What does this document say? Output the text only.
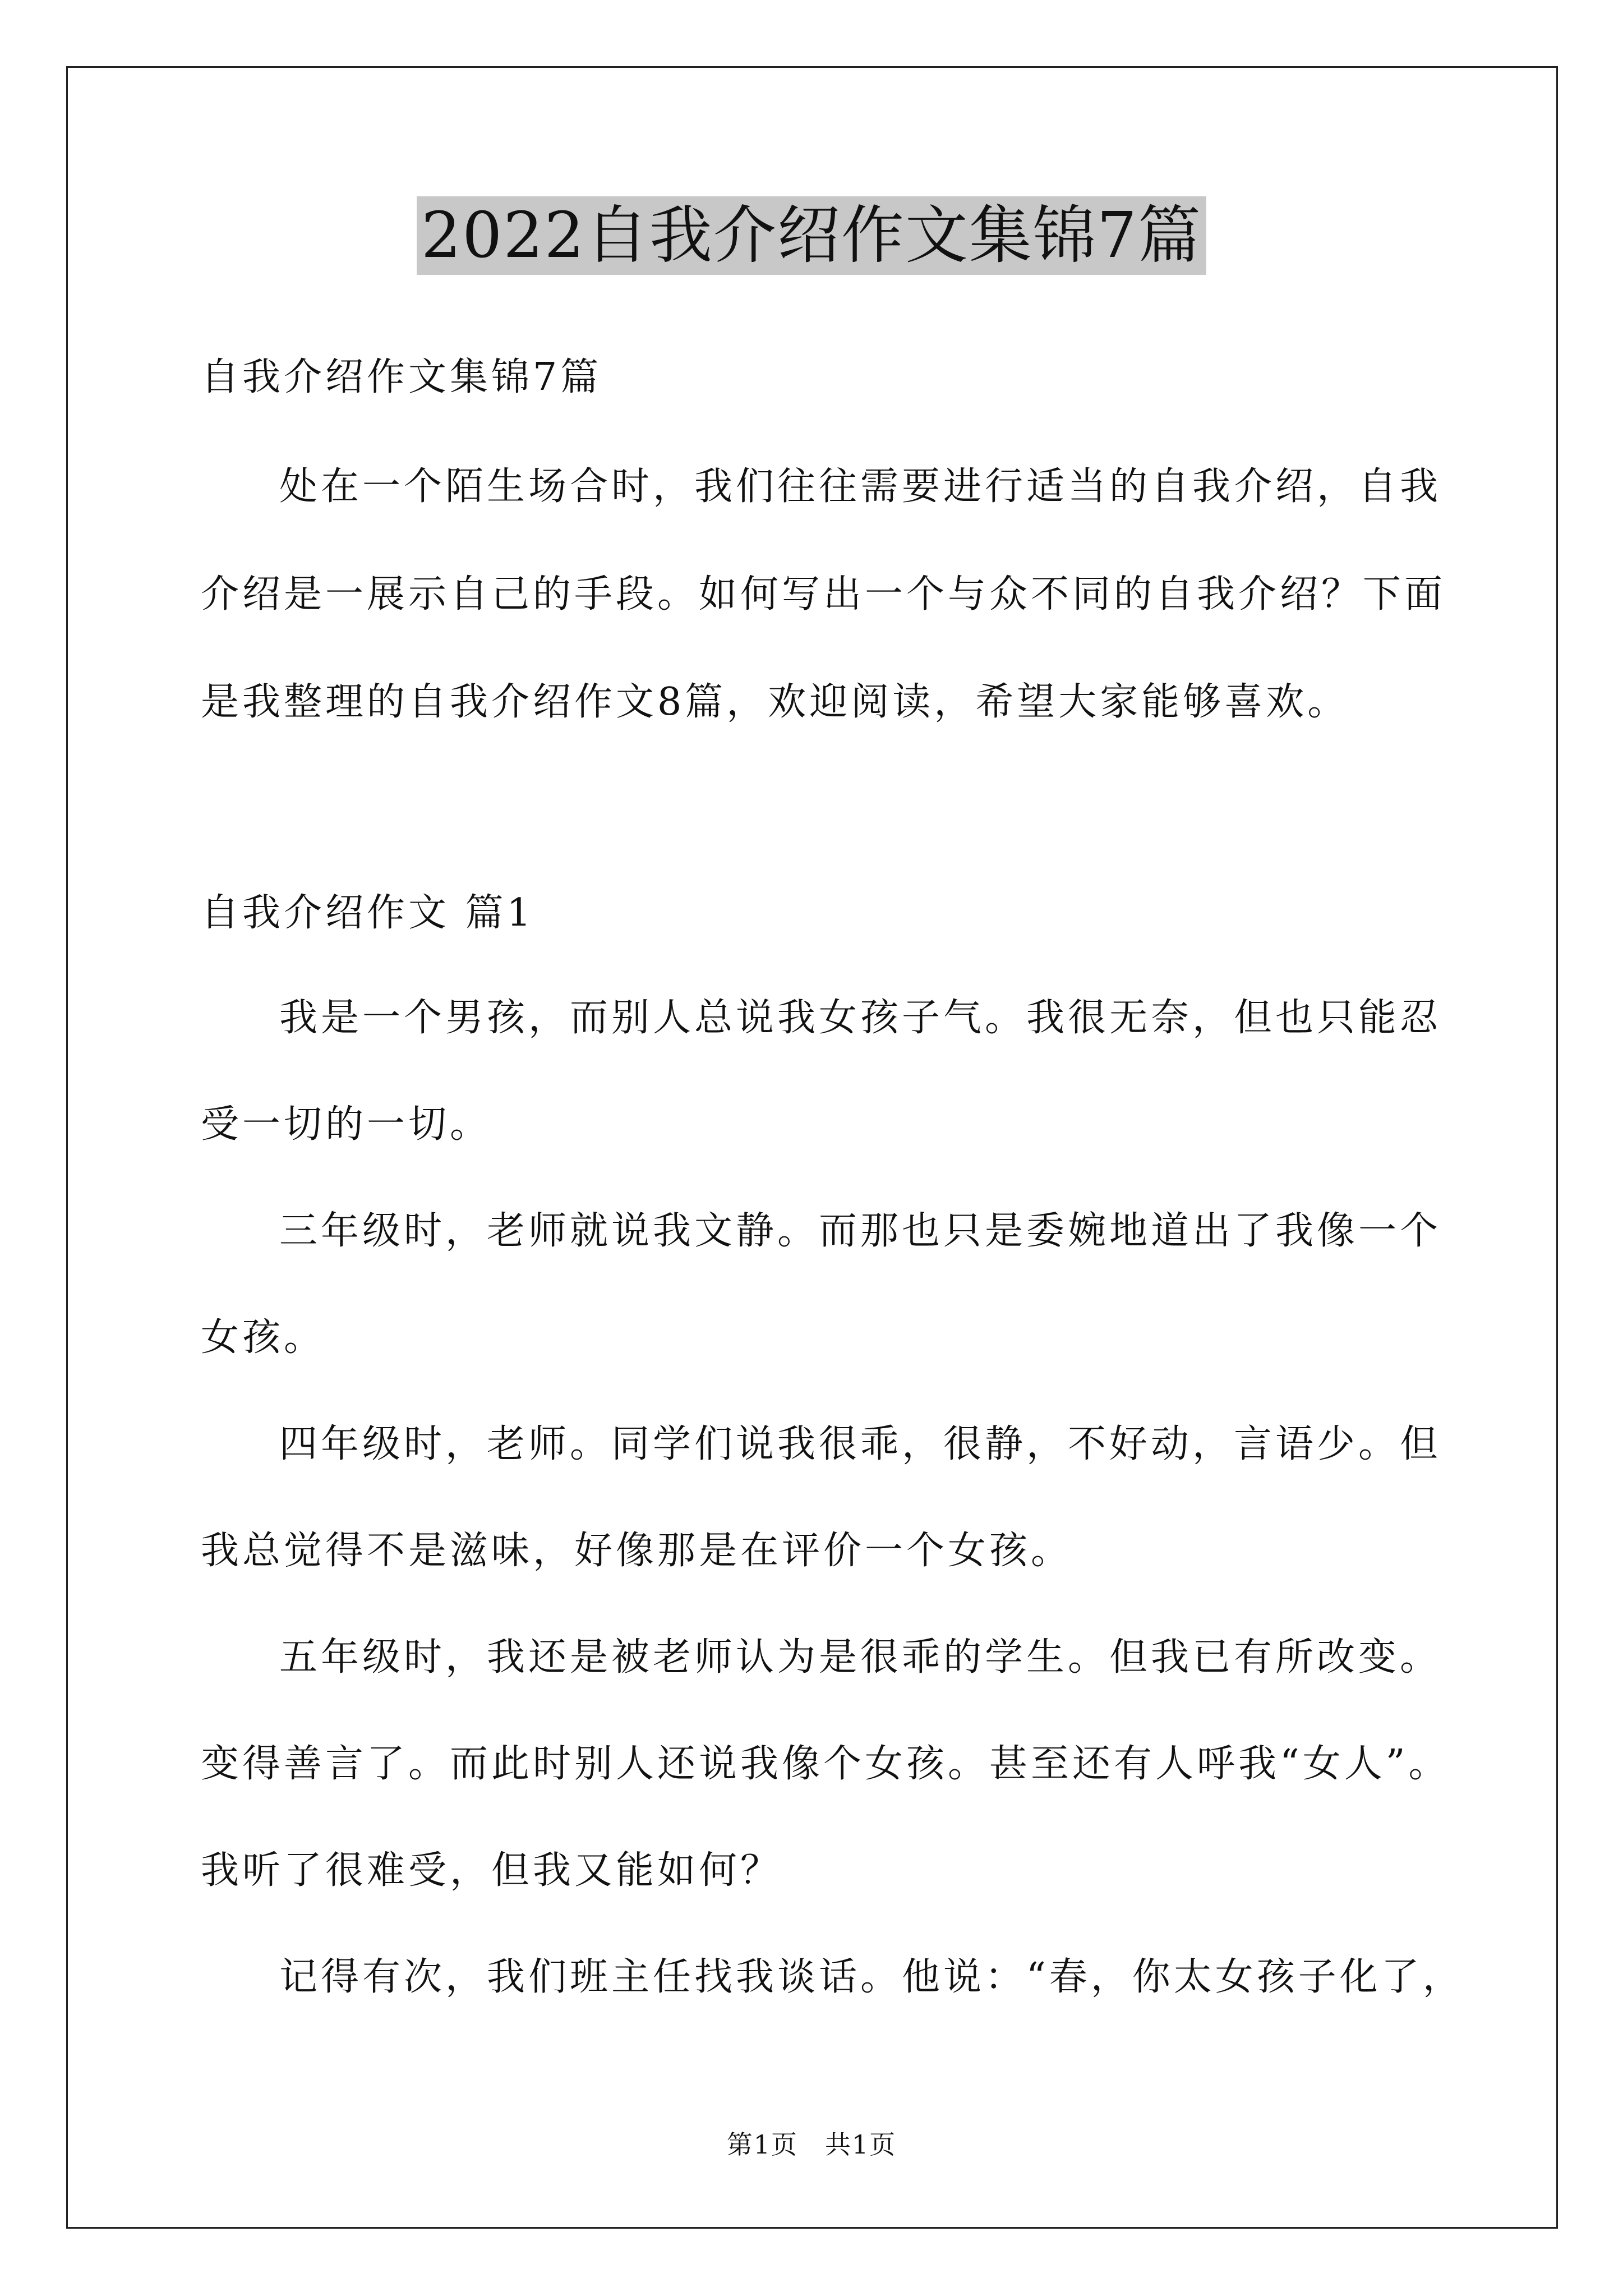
2022自我介绍作文集锦7篇
自我介绍作文集锦7篇
处在一个陌生场合时，我们往往需要进行适当的自我介绍，自我
介绍是一展示自己的手段。如何写出一个与众不同的自我介绍？下面
是我整理的自我介绍作文8篇，欢迎阅读，希望大家能够喜欢。
自我介绍作文 篇1
我是一个男孩，而别人总说我女孩子气。我很无奈，但也只能忍
受一切的一切。
三年级时，老师就说我文静。而那也只是委婉地道出了我像一个
女孩。
四年级时，老师。同学们说我很乖，很静，不好动，言语少。但
我总觉得不是滋味，好像那是在评价一个女孩。
五年级时，我还是被老师认为是很乖的学生。但我已有所改变。
变得善言了。而此时别人还说我像个女孩。甚至还有人呼我“女人”。
我听了很难受，但我又能如何？
记得有次，我们班主任找我谈话。他说：“春，你太女孩子化了，
第1页　共1页
